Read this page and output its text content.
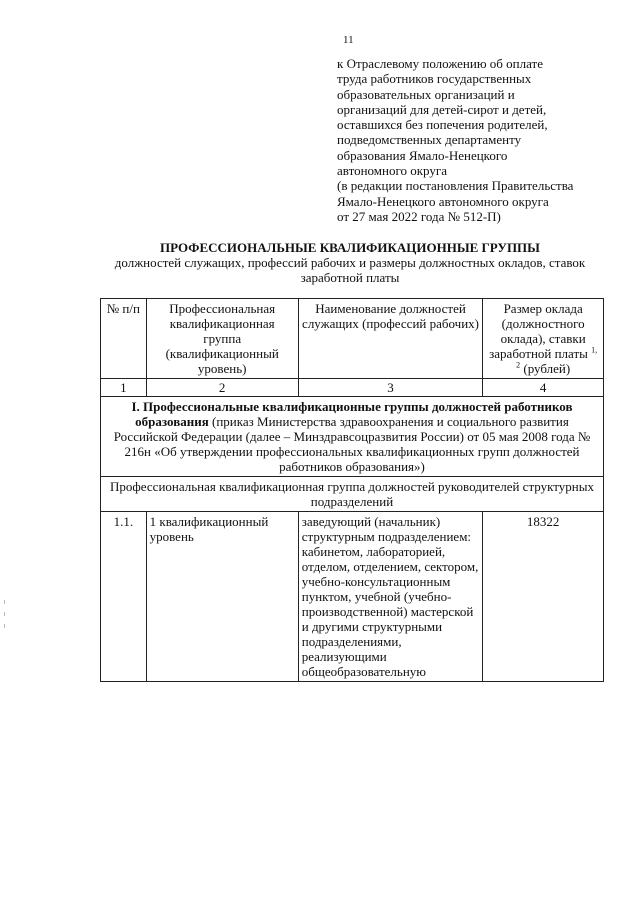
11
к Отраслевому положению об оплате
труда работников государственных
образовательных организаций и
организаций для детей-сирот и детей,
оставшихся без попечения родителей,
подведомственных департаменту
образования Ямало-Ненецкого
автономного округа
(в редакции постановления Правительства
Ямало-Ненецкого автономного округа
от 27 мая 2022 года № 512-П)
ПРОФЕССИОНАЛЬНЫЕ КВАЛИФИКАЦИОННЫЕ ГРУППЫ
должностей служащих, профессий рабочих и размеры должностных окладов, ставок заработной платы
№ п/п	Профессиональная квалификационная группа (квалификационный уровень)	Наименование должностей служащих (профессий рабочих)	Размер оклада (должностного оклада), ставки заработной платы $^{1, 2}$ (рублей)
1	2	3	4
I. Профессиональные квалификационные группы должностей работников образования (приказ Министерства здравоохранения и социального развития Российской Федерации (далее – Минздравсоцразвития России) от 05 мая 2008 года № 216н «Об утверждении профессиональных квалификационных групп должностей работников образования»)			
Профессиональная квалификационная группа должностей руководителей структурных подразделений			
1.1.	1 квалификационный уровень	заведующий (начальник) структурным подразделением: кабинетом, лабораторией, отделом, отделением, сектором, учебно-консультационным пунктом, учебной (учебно-производственной) мастерской и другими структурными подразделениями, реализующими общеобразовательную	18322
